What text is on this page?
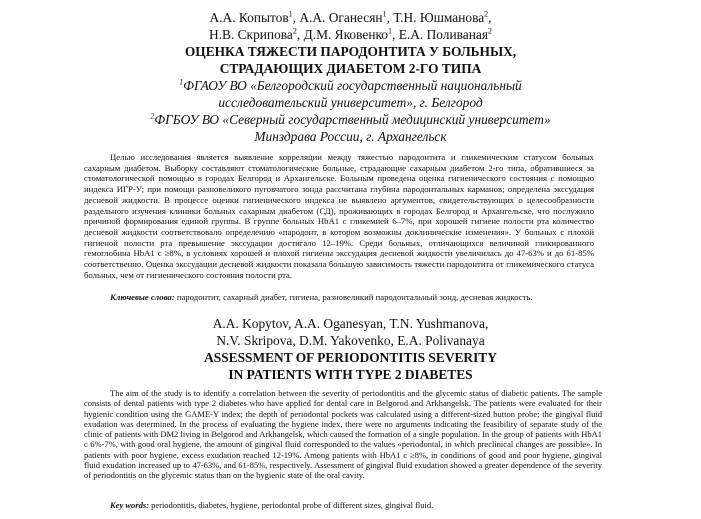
А.А. Копытов$^1$, А.А. Оганесян$^1$, Т.Н. Юшманова$^2$,
Н.В. Скрипова$^2$, Д.М. Яковенко$^1$, Е.А. Поливаная$^2$
ОЦЕНКА ТЯЖЕСТИ ПАРОДОНТИТА У БОЛЬНЫХ,
СТРАДАЮЩИХ ДИАБЕТОМ 2-ГО ТИПА
$^1$ФГАОУ ВО «Белгородский государственный национальный
исследовательский университет», г. Белгород
$^2$ФГБОУ ВО «Северный государственный медицинский университет»
Минздрава России, г. Архангельск

Целью исследования является выявление корреляции между тяжестью пародонтита и гликемическим статусом больных сахарным диабетом. Выборку составляют стоматологические больные, страдающие сахарным диабетом 2-го типа, обратившиеся за стоматологической помощью в городах Белгород и Архангельске. Больным проведена оценка гигиенического состояния с помощью индекса ИГР-У; при помощи разновеликого пуговчатого зонда рассчитана глубина пародонтальных карманов; определена экссудация десневой жидкости. В процессе оценки гигиенического индекса не выявлено аргументов, свидетельствующих о целесообразности раздельного изучения клиники больных сахарным диабетом (СД), проживающих в городах Белгород и Архангельске, что послужило причиной формирования единой группы. В группе больных HbA1 с гликемией 6–7%, при хорошей гигиене полости рта количество десневой жидкости соответствовало определению «пародонт, в котором возможны доклинические изменения». У больных с плохой гигиеной полости рта превышение экссудации достигало 12–19%. Среди больных, отличающихся величиной гликированного гемоглобина HbA1 с ≥8%, в условиях хорошей и плохой гигиены экссудация десневой жидкости увеличилась до 47-63% и до 61-85% соответственно. Оценка экссудации десневой жидкости показала большую зависимость тяжести пародонтита от гликемического статуса больных, чем от гигиенического состояния полости рта.

Ключевые слова: пародонтит, сахарный диабет, гигиена, разновеликий пародонтальный зонд, десневая жидкость.
A.A. Kopytov, A.A. Oganesyan, T.N. Yushmanova,
N.V. Skripova, D.M. Yakovenko, E.A. Polivanaya
ASSESSMENT OF PERIODONTITIS SEVERITY
IN PATIENTS WITH TYPE 2 DIABETES

The aim of the study is to identify a correlation between the severity of periodontitis and the glycemic status of diabetic patients. The sample consists of dental patients with type 2 diabetes who have applied for dental care in Belgorod and Arkhangelsk. The patients were evaluated for their hygienic condition using the GAME-Y index; the depth of periodontal pockets was calculated using a different-sized button probe; the gingival fluid exudation was determined. In the process of evaluating the hygiene index, there were no arguments indicating the feasibility of separate study of the clinic of patients with DM2 living in Belgorod and Arkhangelsk, which caused the formation of a single population. In the group of patients with HbA1 c 6%-7%, with good oral hygiene, the amount of gingival fluid corresponded to the values «periodontal, in which preclinical changes are possible». In patients with poor hygiene, excess exudation reached 12-19%. Among patients with HbA1 c ≥8%, in conditions of good and poor hygiene, gingival fluid exudation increased up to 47-63%, and 61-85%, respectively. Assessment of gingival fluid exudation showed a greater dependence of the severity of periodontitis on the glycemic status than on the hygienic state of the oral cavity.

Key words: periodontitis, diabetes, hygiene, periodontal probe of different sizes, gingival fluid.
